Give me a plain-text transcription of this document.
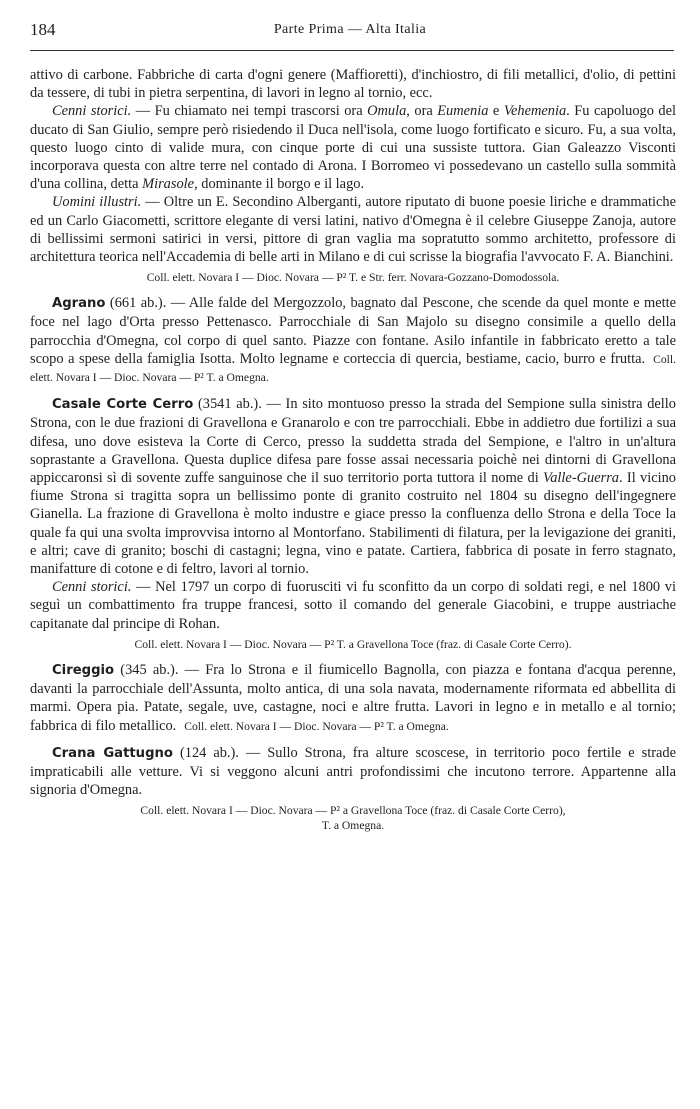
184	Parte Prima — Alta Italia

attivo di carbone. Fabbriche di carta d'ogni genere (Maffioretti), d'inchiostro, di fili metallici, d'olio, di pettini da tessere, di tubi in pietra serpentina, di lavori in legno al tornio, ecc.

Cenni storici. — Fu chiamato nei tempi trascorsi ora Omula, ora Eumenia e Vehemenia. Fu capoluogo del ducato di San Giulio, sempre però risiedendo il Duca nell'isola, come luogo fortificato e sicuro. Fu, a sua volta, questo luogo cinto di valide mura, con cinque porte di cui una sussiste tuttora. Gian Galeazzo Visconti incorporava questa con altre terre nel contado di Arona. I Borromeo vi possedevano un castello sulla sommità d'una collina, detta Mirasole, dominante il borgo e il lago.

Uomini illustri. — Oltre un E. Secondino Alberganti, autore riputato di buone poesie liriche e drammatiche ed un Carlo Giacometti, scrittore elegante di versi latini, nativo d'Omegna è il celebre Giuseppe Zanoja, autore di bellissimi sermoni satirici in versi, pittore di gran vaglia ma sopratutto sommo architetto, professore di architettura teorica nell'Accademia di belle arti in Milano e di cui scrisse la biografia l'avvocato F. A. Bianchini.

Coll. elett. Novara I — Dioc. Novara — P² T. e Str. ferr. Novara-Gozzano-Domodossola.

Agrano (661 ab.). — Alle falde del Mergozzolo, bagnato dal Pescone, che scende da quel monte e mette foce nel lago d'Orta presso Pettenasco. Parrocchiale di San Majolo su disegno consimile a quello della parrocchia d'Omegna, col corpo di quel santo. Piazze con fontane. Asilo infantile in fabbricato eretto a tale scopo a spese della famiglia Isotta. Molto legname e corteccia di quercia, bestiame, cacio, burro e frutta. Coll. elett. Novara I — Dioc. Novara — P² T. a Omegna.

Casale Corte Cerro (3541 ab.). — In sito montuoso presso la strada del Sempione sulla sinistra dello Strona, con le due frazioni di Gravellona e Granarolo e con tre parrocchiali. Ebbe in addietro due fortilizi a sua difesa, uno dove esisteva la Corte di Cerco, presso la suddetta strada del Sempione, e l'altro in un'altura soprastante a Gravellona. Questa duplice difesa pare fosse assai necessaria poichè nei dintorni di Gravellona appiccaronsi sì di sovente zuffe sanguinose che il suo territorio porta tuttora il nome di Valle-Guerra. Il vicino fiume Strona si tragitta sopra un bellissimo ponte di granito costruito nel 1804 su disegno dell'ingegnere Gianella. La frazione di Gravellona è molto industre e giace presso la confluenza dello Strona e della Toce la quale fa qui una svolta improvvisa intorno al Montorfano. Stabilimenti di filatura, per la levigazione dei graniti, e altri; cave di granito; boschi di castagni; legna, vino e patate. Cartiera, fabbrica di posate in ferro stagnato, manifatture di cotone e di feltro, lavori al tornio.

Cenni storici. — Nel 1797 un corpo di fuorusciti vi fu sconfitto da un corpo di soldati regi, e nel 1800 vi seguì un combattimento fra truppe francesi, sotto il comando del generale Giacobini, e truppe austriache capitanate dal principe di Rohan.

Coll. elett. Novara I — Dioc. Novara — P² T. a Gravellona Toce (fraz. di Casale Corte Cerro).

Cireggio (345 ab.). — Fra lo Strona e il fiumicello Bagnolla, con piazza e fontana d'acqua perenne, davanti la parrocchiale dell'Assunta, molto antica, di una sola navata, modernamente riformata ed abbellita di marmi. Opera pia. Patate, segale, uve, castagne, noci e altre frutta. Lavori in legno e in metallo e al tornio; fabbrica di filo metallico. Coll. elett. Novara I — Dioc. Novara — P² T. a Omegna.

Crana Gattugno (124 ab.). — Sullo Strona, fra alture scoscese, in territorio poco fertile e strade impraticabili alle vetture. Vi si veggono alcuni antri profondissimi che incutono terrore. Appartenne alla signoria d'Omegna.

Coll. elett. Novara I — Dioc. Novara — P² a Gravellona Toce (fraz. di Casale Corte Cerro),
T. a Omegna.
